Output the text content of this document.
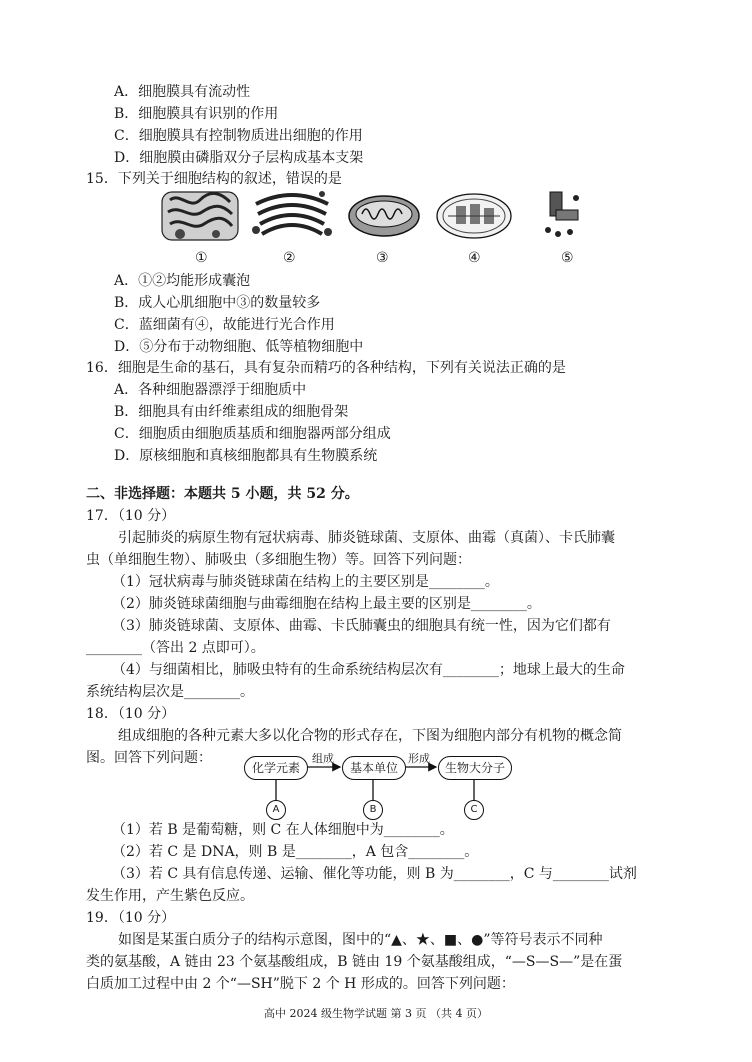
A．细胞膜具有流动性
B．细胞膜具有识别的作用
C．细胞膜具有控制物质进出细胞的作用
D．细胞膜由磷脂双分子层构成基本支架
15．下列关于细胞结构的叙述，错误的是
①	②	③	④	⑤
A．①②均能形成囊泡
B．成人心肌细胞中③的数量较多
C．蓝细菌有④，故能进行光合作用
D．⑤分布于动物细胞、低等植物细胞中
16．细胞是生命的基石，具有复杂而精巧的各种结构，下列有关说法正确的是
A．各种细胞器漂浮于细胞质中
B．细胞具有由纤维素组成的细胞骨架
C．细胞质由细胞质基质和细胞器两部分组成
D．原核细胞和真核细胞都具有生物膜系统
二、非选择题：本题共 5 小题，共 52 分。
17．（10 分）
引起肺炎的病原生物有冠状病毒、肺炎链球菌、支原体、曲霉（真菌）、卡氏肺囊
虫（单细胞生物）、肺吸虫（多细胞生物）等。回答下列问题：
（1）冠状病毒与肺炎链球菌在结构上的主要区别是________。
（2）肺炎链球菌细胞与曲霉细胞在结构上最主要的区别是________。
（3）肺炎链球菌、支原体、曲霉、卡氏肺囊虫的细胞具有统一性，因为它们都有
________（答出 2 点即可）。
（4）与细菌相比，肺吸虫特有的生命系统结构层次有________；地球上最大的生命
系统结构层次是________。
18．（10 分）
组成细胞的各种元素大多以化合物的形式存在，下图为细胞内部分有机物的概念简
图。回答下列问题：
化学元素
组成
基本单位
形成
生物大分子
A	B	C
（1）若 B 是葡萄糖，则 C 在人体细胞中为________。
（2）若 C 是 DNA，则 B 是________，A 包含________。
（3）若 C 具有信息传递、运输、催化等功能，则 B 为________，C 与________试剂
发生作用，产生紫色反应。
19．（10 分）
如图是某蛋白质分子的结构示意图，图中的“▲、★、■、●”等符号表示不同种
类的氨基酸，A 链由 23 个氨基酸组成，B 链由 19 个氨基酸组成，“—S—S—”是在蛋
白质加工过程中由 2 个“—SH”脱下 2 个 H 形成的。回答下列问题：
高中 2024 级生物学试题 第 3 页 （共 4 页）
